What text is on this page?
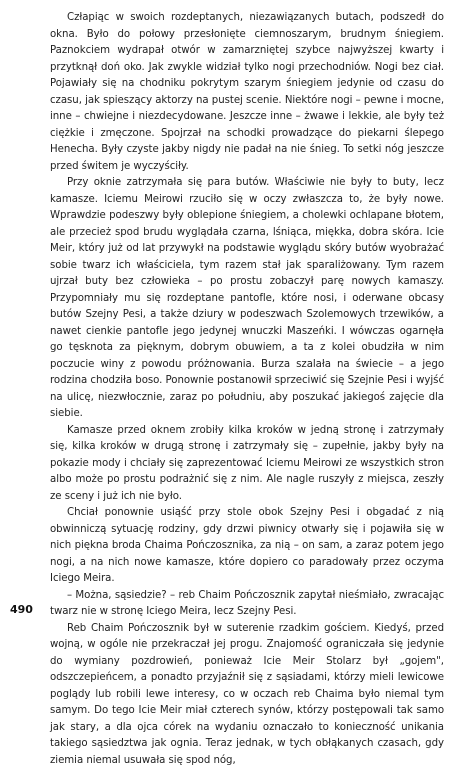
Człapiąc w swoich rozdeptanych, niezawiązanych butach, podszedł do okna. Było do połowy przesłonięte ciemnoszarym, brudnym śniegiem. Paznokciem wydrapał otwór w zamarzniętej szybce najwyższej kwarty i przytknął doń oko. Jak zwykle widział tylko nogi przechodniów. Nogi bez ciał. Pojawiały się na chodniku pokrytym szarym śniegiem jedynie od czasu do czasu, jak spieszący aktorzy na pustej scenie. Niektóre nogi – pewne i mocne, inne – chwiejne i niezdecydowane. Jeszcze inne – żwawe i lekkie, ale były też ciężkie i zmęczone. Spojrzał na schodki prowadzące do piekarni ślepego Henecha. Były czyste jakby nigdy nie padał na nie śnieg. To setki nóg jeszcze przed świtem je wyczyściły.

Przy oknie zatrzymała się para butów. Właściwie nie były to buty, lecz kamasze. Iciemu Meirowi rzuciło się w oczy zwłaszcza to, że były nowe. Wprawdzie podeszwy były oblepione śniegiem, a cholewki ochlapane błotem, ale przecież spod brudu wyglądała czarna, lśniąca, miękka, dobra skóra. Icie Meir, który już od lat przywykł na podstawie wyglądu skóry butów wyobrażać sobie twarz ich właściciela, tym razem stał jak sparaliżowany. Tym razem ujrzał buty bez człowieka – po prostu zobaczył parę nowych kamaszy. Przypomniały mu się rozdeptane pantofle, które nosi, i oderwane obcasy butów Szejny Pesi, a także dziury w podeszwach Szolemowych trzewików, a nawet cienkie pantofle jego jedynej wnuczki Maszeńki. I wówczas ogarnęła go tęsknota za pięknym, dobrym obuwiem, a ta z kolei obudziła w nim poczucie winy z powodu próżnowania. Burza szalała na świecie – a jego rodzina chodziła boso. Ponownie postanowił sprzeciwić się Szejnie Pesi i wyjść na ulicę, niezwłocznie, zaraz po południu, aby poszukać jakiegoś zajęcie dla siebie.

Kamasze przed oknem zrobiły kilka kroków w jedną stronę i zatrzymały się, kilka kroków w drugą stronę i zatrzymały się – zupełnie, jakby były na pokazie mody i chciały się zaprezentować Iciemu Meirowi ze wszystkich stron albo może po prostu podrażnić się z nim. Ale nagle ruszyły z miejsca, zeszły ze sceny i już ich nie było.

Chciał ponownie usiąść przy stole obok Szejny Pesi i obgadać z nią obwinniczą sytuację rodziny, gdy drzwi piwnicy otwarły się i pojawiła się w nich piękna broda Chaima Pończosznika, za nią – on sam, a zaraz potem jego nogi, a na nich nowe kamasze, które dopiero co paradowały przez oczyma Iciego Meira.

– Można, sąsiedzie? – reb Chaim Pończosznik zapytał nieśmiało, zwracając twarz nie w stronę Iciego Meira, lecz Szejny Pesi.

Reb Chaim Pończosznik był w suterenie rzadkim gościem. Kiedyś, przed wojną, w ogóle nie przekraczał jej progu. Znajomość ograniczała się jedynie do wymiany pozdrowień, ponieważ Icie Meir Stolarz był „gojem", odszczepieńcem, a ponadto przyjaźnił się z sąsiadami, którzy mieli lewicowe poglądy lub robili lewe interesy, co w oczach reb Chaima było niemal tym samym. Do tego Icie Meir miał czterech synów, którzy postępowali tak samo jak stary, a dla ojca córek na wydaniu oznaczało to konieczność unikania takiego sąsiedztwa jak ognia. Teraz jednak, w tych obłąkanych czasach, gdy ziemia niemal usuwała się spod nóg,

490
